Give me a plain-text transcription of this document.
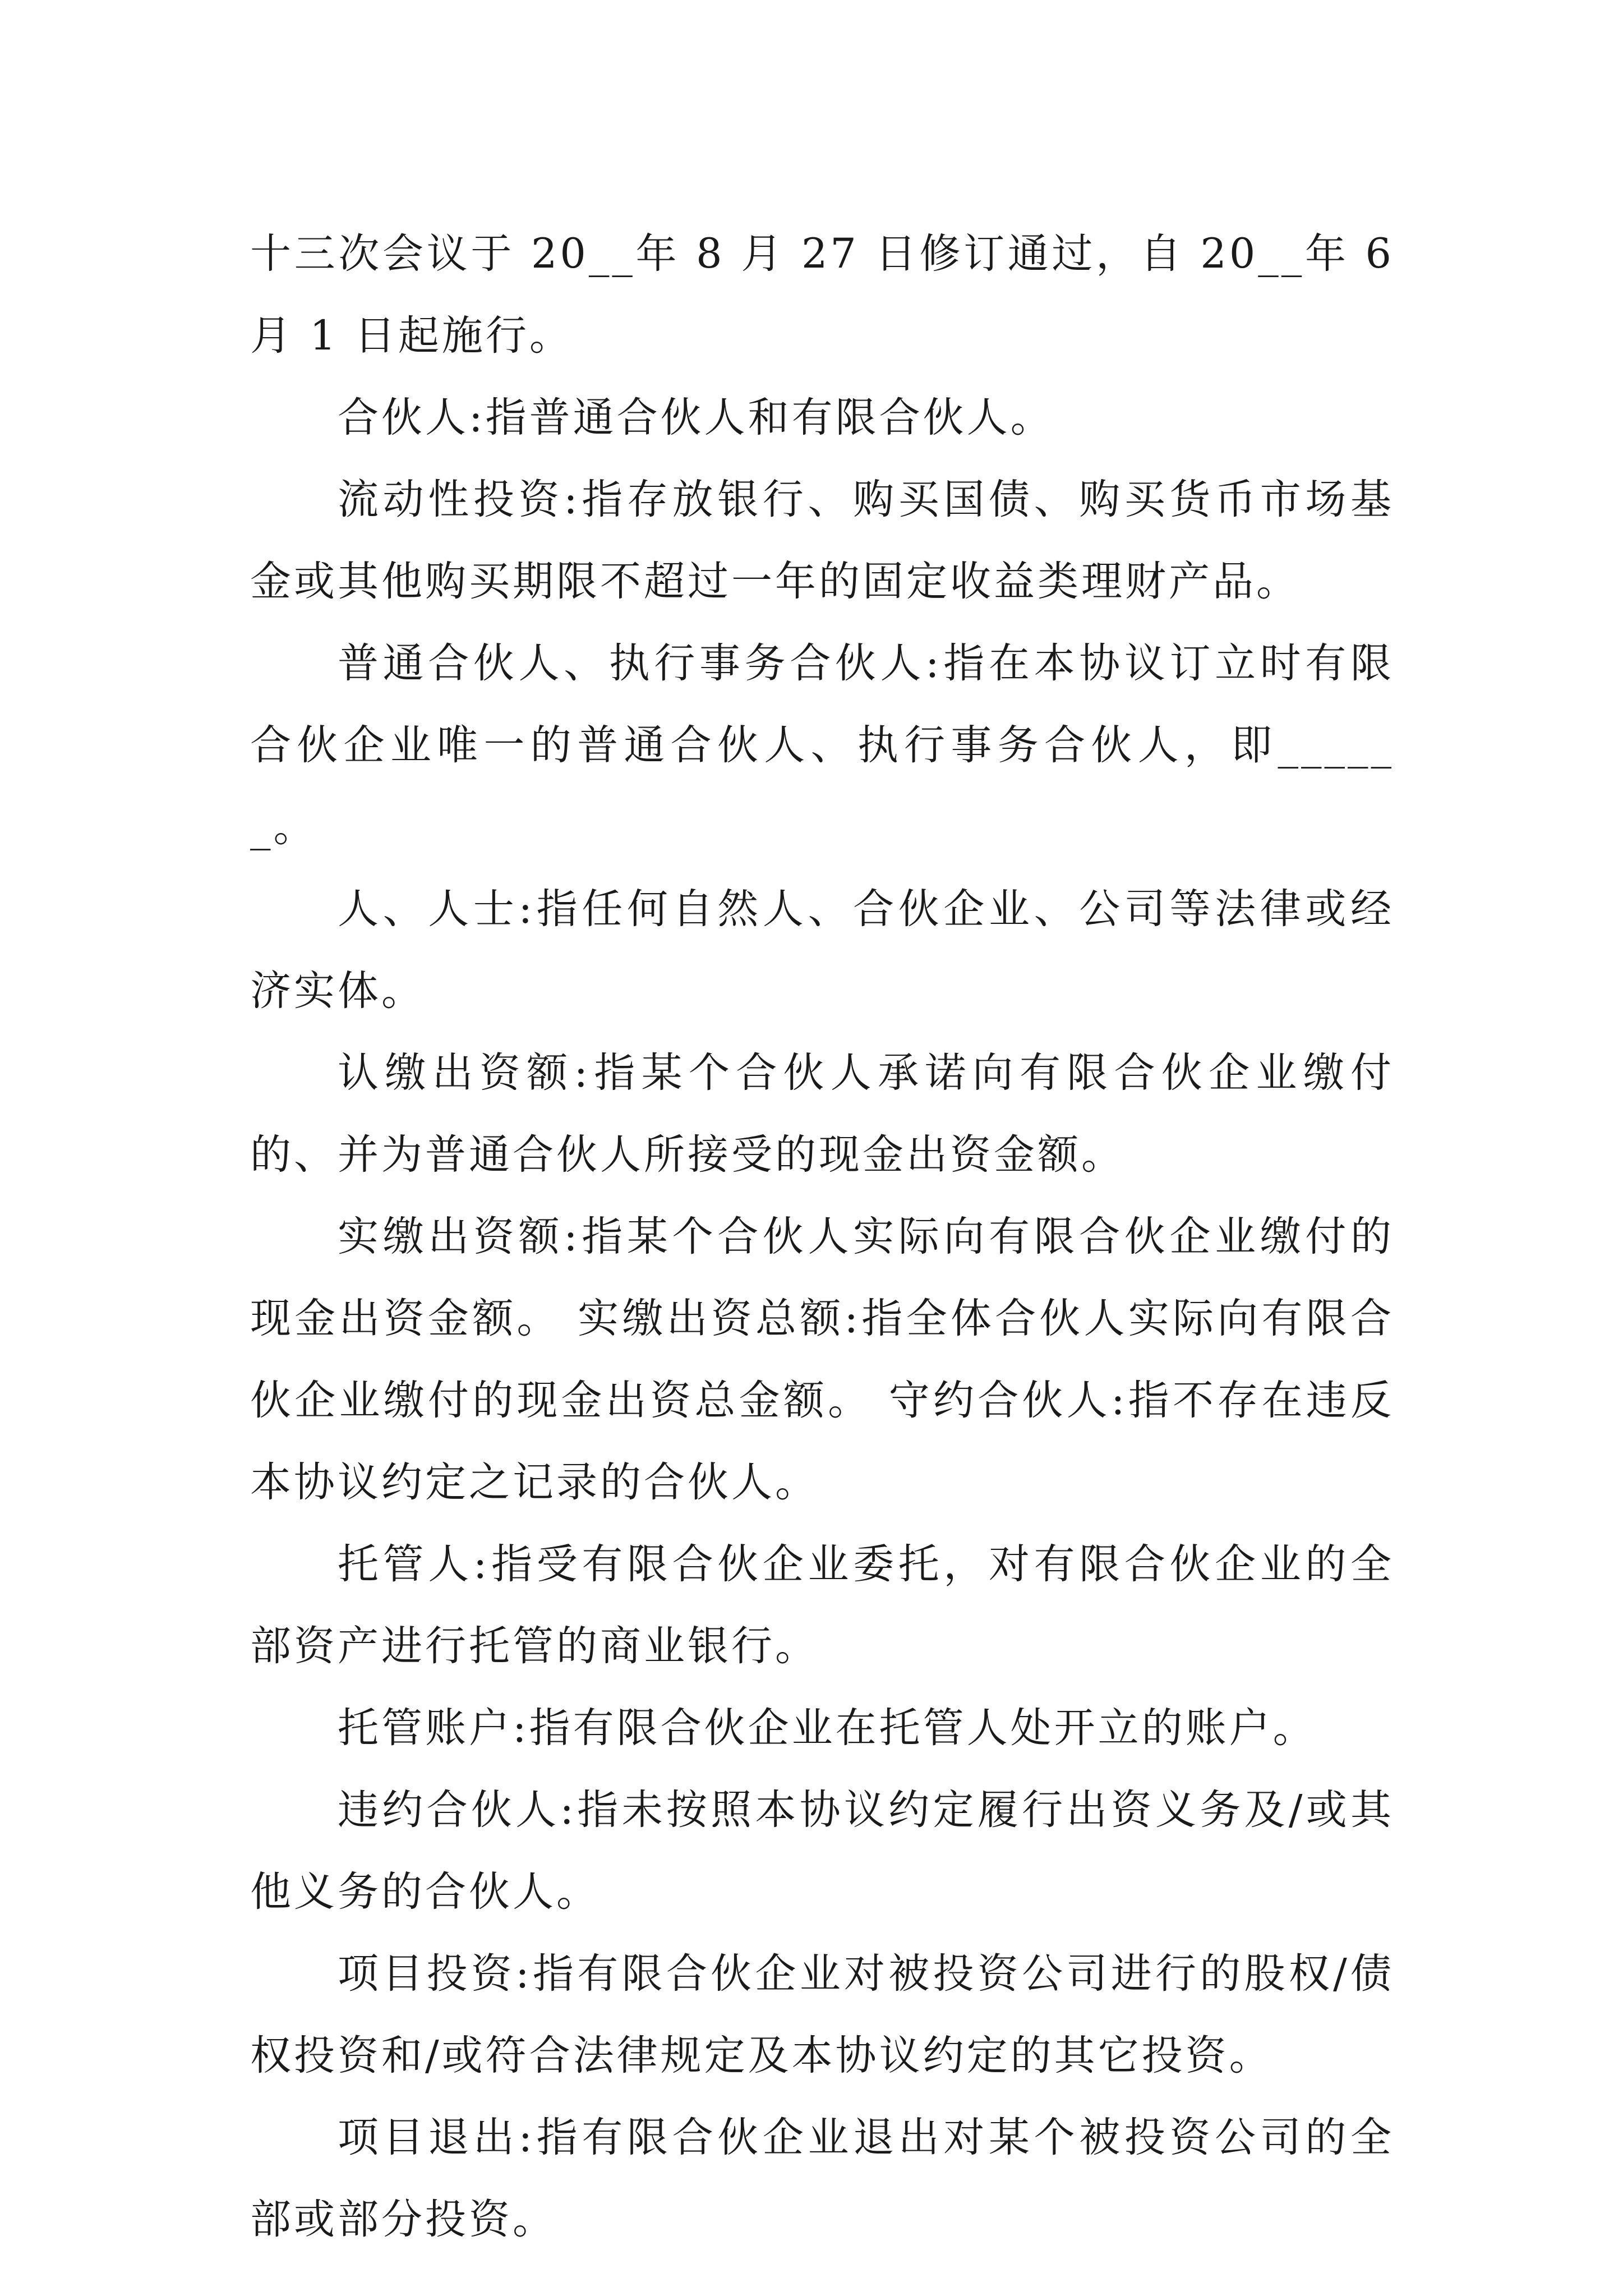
十三次会议于 20__年 8 月 27 日修订通过，自 20__年 6 月 1 日起施行。

合伙人:指普通合伙人和有限合伙人。

流动性投资:指存放银行、购买国债、购买货币市场基金或其他购买期限不超过一年的固定收益类理财产品。

普通合伙人、执行事务合伙人:指在本协议订立时有限合伙企业唯一的普通合伙人、执行事务合伙人，即______。

人、人士:指任何自然人、合伙企业、公司等法律或经济实体。

认缴出资额:指某个合伙人承诺向有限合伙企业缴付的、并为普通合伙人所接受的现金出资金额。

实缴出资额:指某个合伙人实际向有限合伙企业缴付的现金出资金额。 实缴出资总额:指全体合伙人实际向有限合伙企业缴付的现金出资总金额。 守约合伙人:指不存在违反本协议约定之记录的合伙人。

托管人:指受有限合伙企业委托，对有限合伙企业的全部资产进行托管的商业银行。

托管账户:指有限合伙企业在托管人处开立的账户。

违约合伙人:指未按照本协议约定履行出资义务及/或其他义务的合伙人。

项目投资:指有限合伙企业对被投资公司进行的股权/债权投资和/或符合法律规定及本协议约定的其它投资。

项目退出:指有限合伙企业退出对某个被投资公司的全部或部分投资。
